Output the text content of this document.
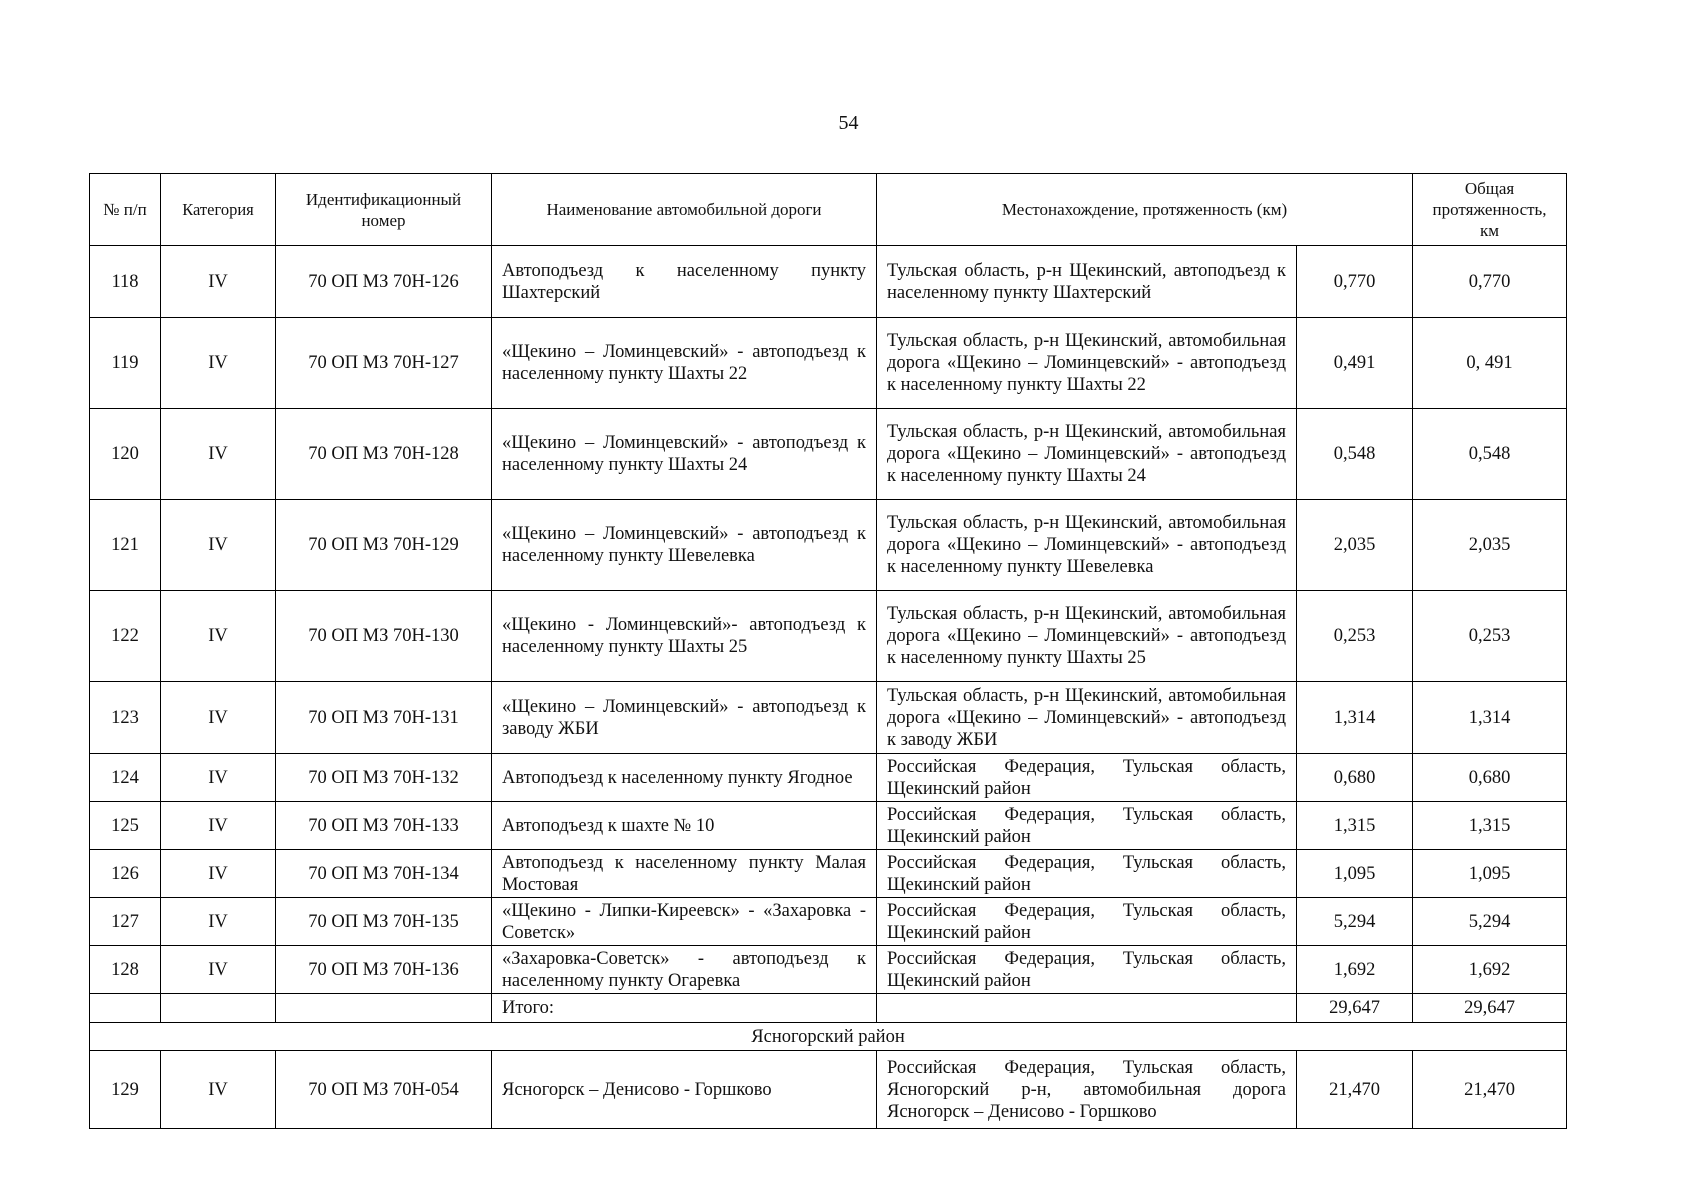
54
№ п/п	Категория	Идентификационный номер	Наименование автомобильной дороги	Местонахождение, протяженность (км)		Общая протяженность, км
118	IV	70 ОП МЗ 70Н-126	Автоподъезд к населенному пункту Шахтерский	Тульская область, р-н Щекинский, автоподъезд к населенному пункту Шахтерский	0,770	0,770
119	IV	70 ОП МЗ 70Н-127	«Щекино – Ломинцевский» - автоподъезд к населенному пункту Шахты 22	Тульская область, р-н Щекинский, автомобильная дорога «Щекино – Ломинцевский» - автоподъезд к населенному пункту Шахты 22	0,491	0, 491
120	IV	70 ОП МЗ 70Н-128	«Щекино – Ломинцевский» - автоподъезд к населенному пункту Шахты 24	Тульская область, р-н Щекинский, автомобильная дорога «Щекино – Ломинцевский» - автоподъезд к населенному пункту Шахты 24	0,548	0,548
121	IV	70 ОП МЗ 70Н-129	«Щекино – Ломинцевский» - автоподъезд к населенному пункту Шевелевка	Тульская область, р-н Щекинский, автомобильная дорога «Щекино – Ломинцевский» - автоподъезд к населенному пункту Шевелевка	2,035	2,035
122	IV	70 ОП МЗ 70Н-130	«Щекино - Ломинцевский»- автоподъезд к населенному пункту Шахты 25	Тульская область, р-н Щекинский, автомобильная дорога «Щекино – Ломинцевский» - автоподъезд к населенному пункту Шахты 25	0,253	0,253
123	IV	70 ОП МЗ 70Н-131	«Щекино – Ломинцевский» - автоподъезд к заводу ЖБИ	Тульская область, р-н Щекинский, автомобильная дорога «Щекино – Ломинцевский» - автоподъезд к заводу ЖБИ	1,314	1,314
124	IV	70 ОП МЗ 70Н-132	Автоподъезд к населенному пункту Ягодное	Российская Федерация, Тульская область, Щекинский район	0,680	0,680
125	IV	70 ОП МЗ 70Н-133	Автоподъезд к шахте № 10	Российская Федерация, Тульская область, Щекинский район	1,315	1,315
126	IV	70 ОП МЗ 70Н-134	Автоподъезд к населенному пункту Малая Мостовая	Российская Федерация, Тульская область, Щекинский район	1,095	1,095
127	IV	70 ОП МЗ 70Н-135	«Щекино - Липки-Киреевск» - «Захаровка - Советск»	Российская Федерация, Тульская область, Щекинский район	5,294	5,294
128	IV	70 ОП МЗ 70Н-136	«Захаровка-Советск» - автоподъезд к населенному пункту Огаревка	Российская Федерация, Тульская область, Щекинский район	1,692	1,692
			Итого:		29,647	29,647
Ясногорский район						
129	IV	70 ОП МЗ 70Н-054	Ясногорск – Денисово - Горшково	Российская Федерация, Тульская область, Ясногорский р-н, автомобильная дорога Ясногорск – Денисово - Горшково	21,470	21,470
